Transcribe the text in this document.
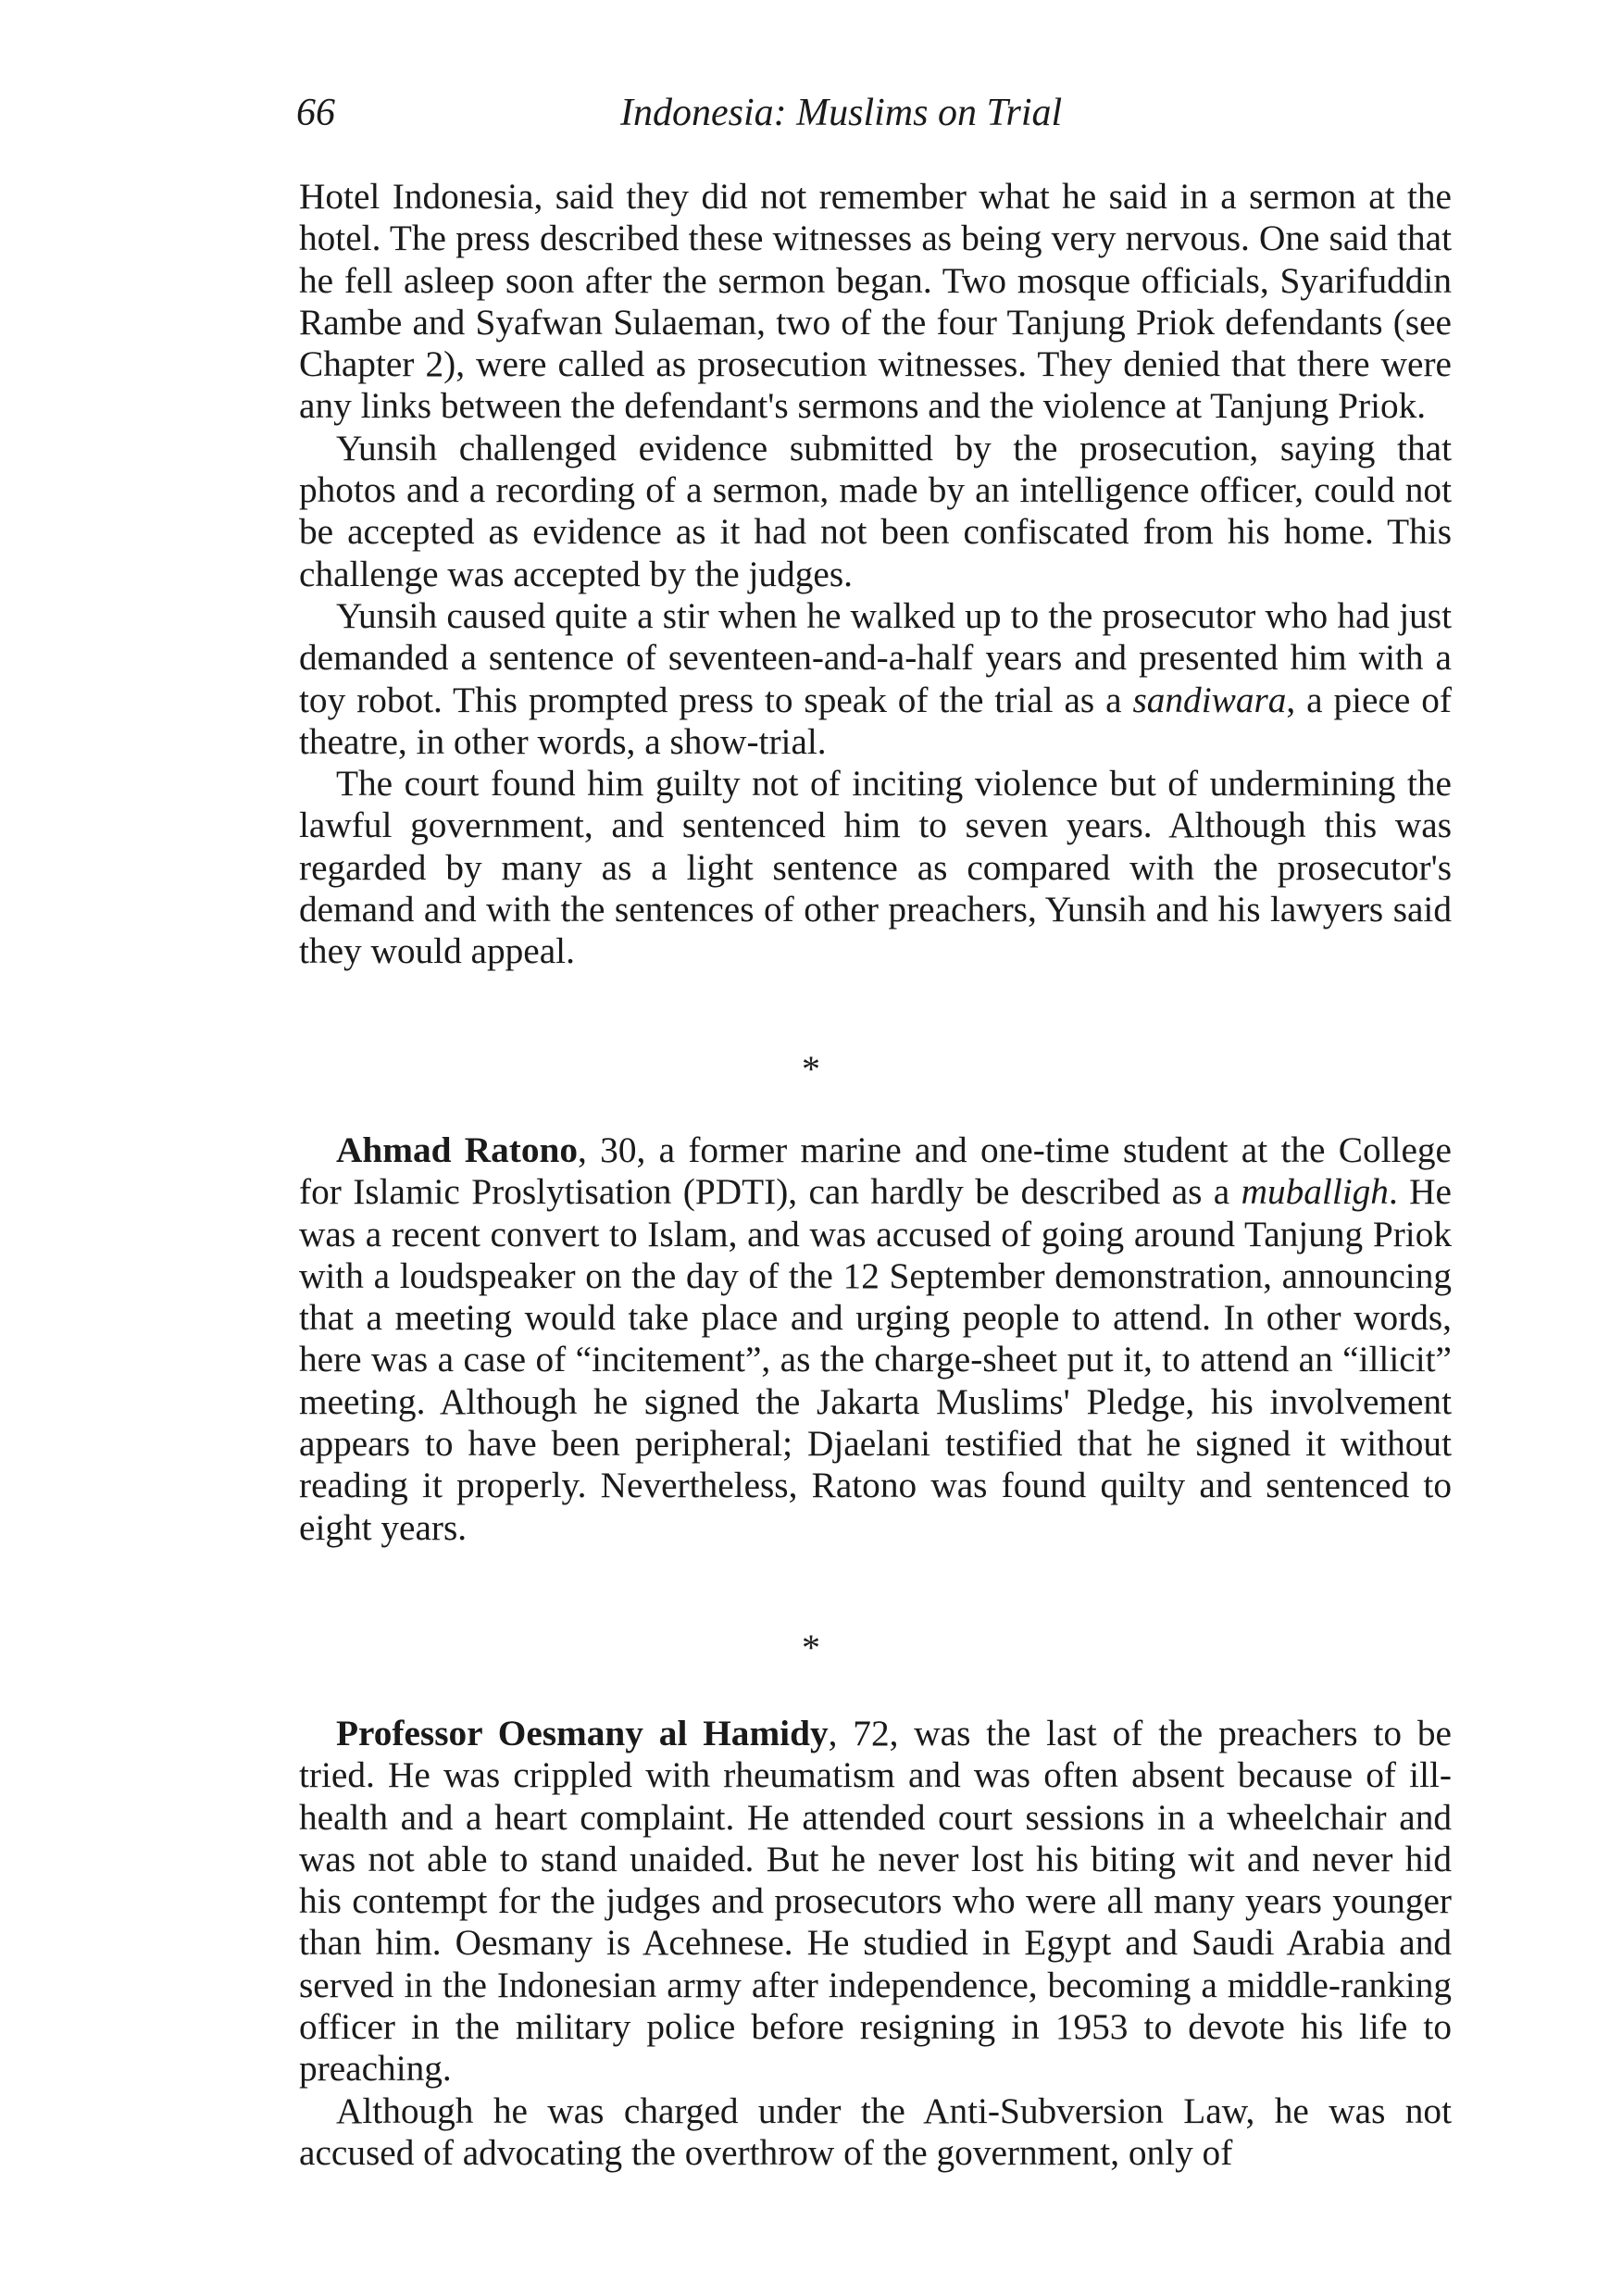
66	Indonesia: Muslims on Trial

Hotel Indonesia, said they did not remember what he said in a sermon at the hotel. The press described these witnesses as being very nervous. One said that he fell asleep soon after the sermon began. Two mosque officials, Syarifuddin Rambe and Syafwan Sulaeman, two of the four Tanjung Priok defendants (see Chapter 2), were called as prosecution witnesses. They denied that there were any links between the defendant's sermons and the violence at Tanjung Priok.

Yunsih challenged evidence submitted by the prosecution, saying that photos and a recording of a sermon, made by an intelligence officer, could not be accepted as evidence as it had not been confiscated from his home. This challenge was accepted by the judges.

Yunsih caused quite a stir when he walked up to the prosecutor who had just demanded a sentence of seventeen-and-a-half years and presented him with a toy robot. This prompted press to speak of the trial as a sandiwara, a piece of theatre, in other words, a show-trial.

The court found him guilty not of inciting violence but of undermining the lawful government, and sentenced him to seven years. Although this was regarded by many as a light sentence as compared with the prosecutor's demand and with the sentences of other preachers, Yunsih and his lawyers said they would appeal.

*

Ahmad Ratono, 30, a former marine and one-time student at the College for Islamic Proslytisation (PDTI), can hardly be described as a muballigh. He was a recent convert to Islam, and was accused of going around Tanjung Priok with a loudspeaker on the day of the 12 September demonstration, announcing that a meeting would take place and urging people to attend. In other words, here was a case of “incitement”, as the charge-sheet put it, to attend an “illicit” meeting. Although he signed the Jakarta Muslims' Pledge, his involvement appears to have been peripheral; Djaelani testified that he signed it without reading it properly. Nevertheless, Ratono was found quilty and sentenced to eight years.

*

Professor Oesmany al Hamidy, 72, was the last of the preachers to be tried. He was crippled with rheumatism and was often absent because of ill-health and a heart complaint. He attended court sessions in a wheelchair and was not able to stand unaided. But he never lost his biting wit and never hid his contempt for the judges and prosecutors who were all many years younger than him. Oesmany is Acehnese. He studied in Egypt and Saudi Arabia and served in the Indonesian army after independence, becoming a middle-ranking officer in the military police before resigning in 1953 to devote his life to preaching.

Although he was charged under the Anti-Subversion Law, he was not accused of advocating the overthrow of the government, only of
